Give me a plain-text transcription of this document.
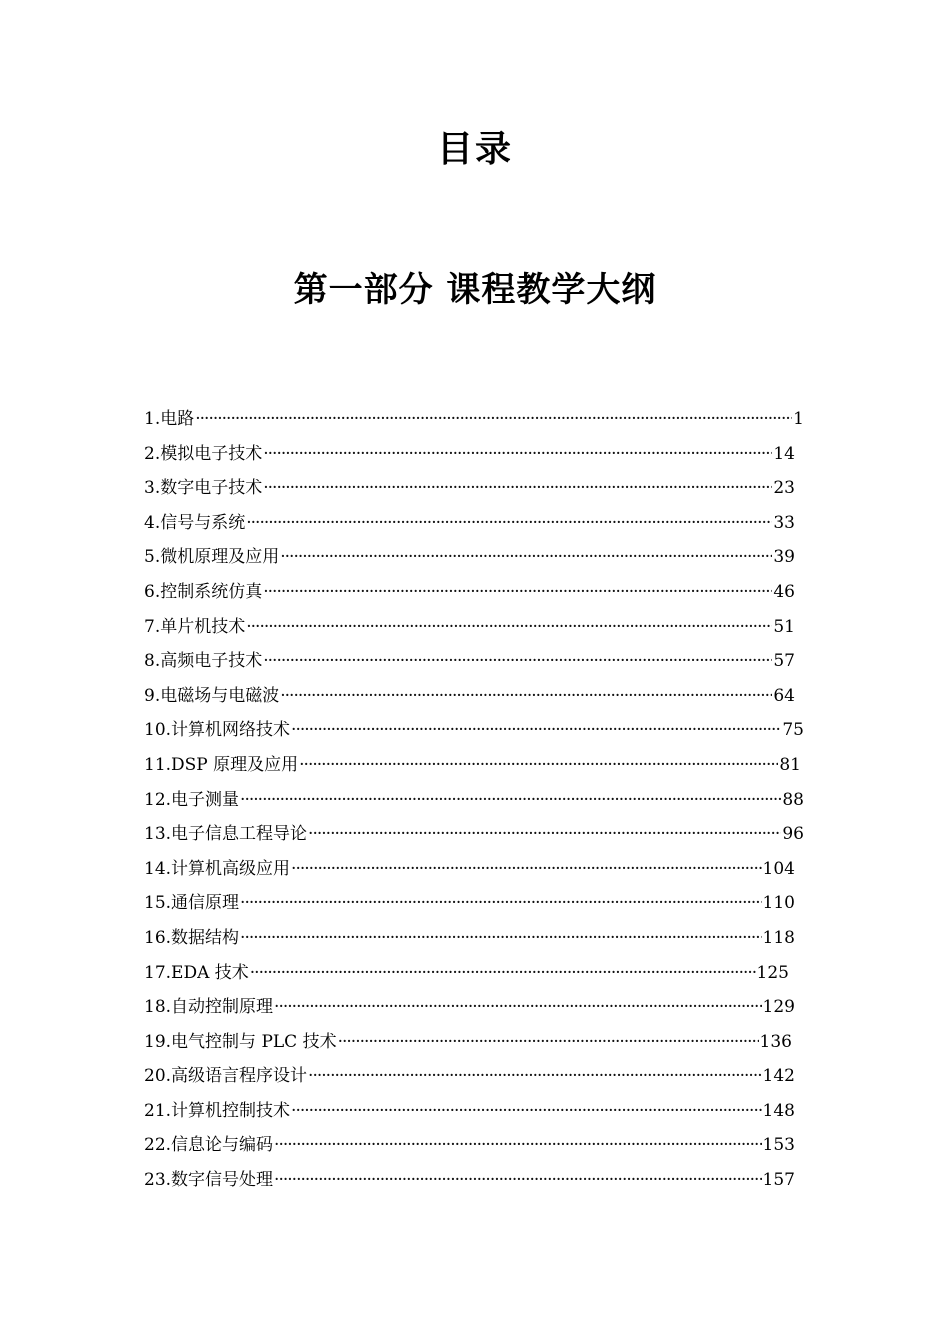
目录
第一部分 课程教学大纲
1.电路 ·····	1
2.模拟电子技术 ·····	14
3.数字电子技术 ·····	23
4.信号与系统 ·····	33
5.微机原理及应用 ·····	39
6.控制系统仿真 ·····	46
7.单片机技术 ·····	51
8.高频电子技术 ·····	57
9.电磁场与电磁波 ·····	64
10.计算机网络技术 ·····	75
11.DSP 原理及应用 ·····	81
12.电子测量 ·····	88
13.电子信息工程导论 ·····	96
14.计算机高级应用 ·····	104
15.通信原理 ·····	110
16.数据结构 ·····	118
17.EDA 技术 ·····	125
18.自动控制原理 ·····	129
19.电气控制与 PLC 技术 ·····	136
20.高级语言程序设计 ·····	142
21.计算机控制技术 ·····	148
22.信息论与编码 ·····	153
23.数字信号处理 ·····	157
